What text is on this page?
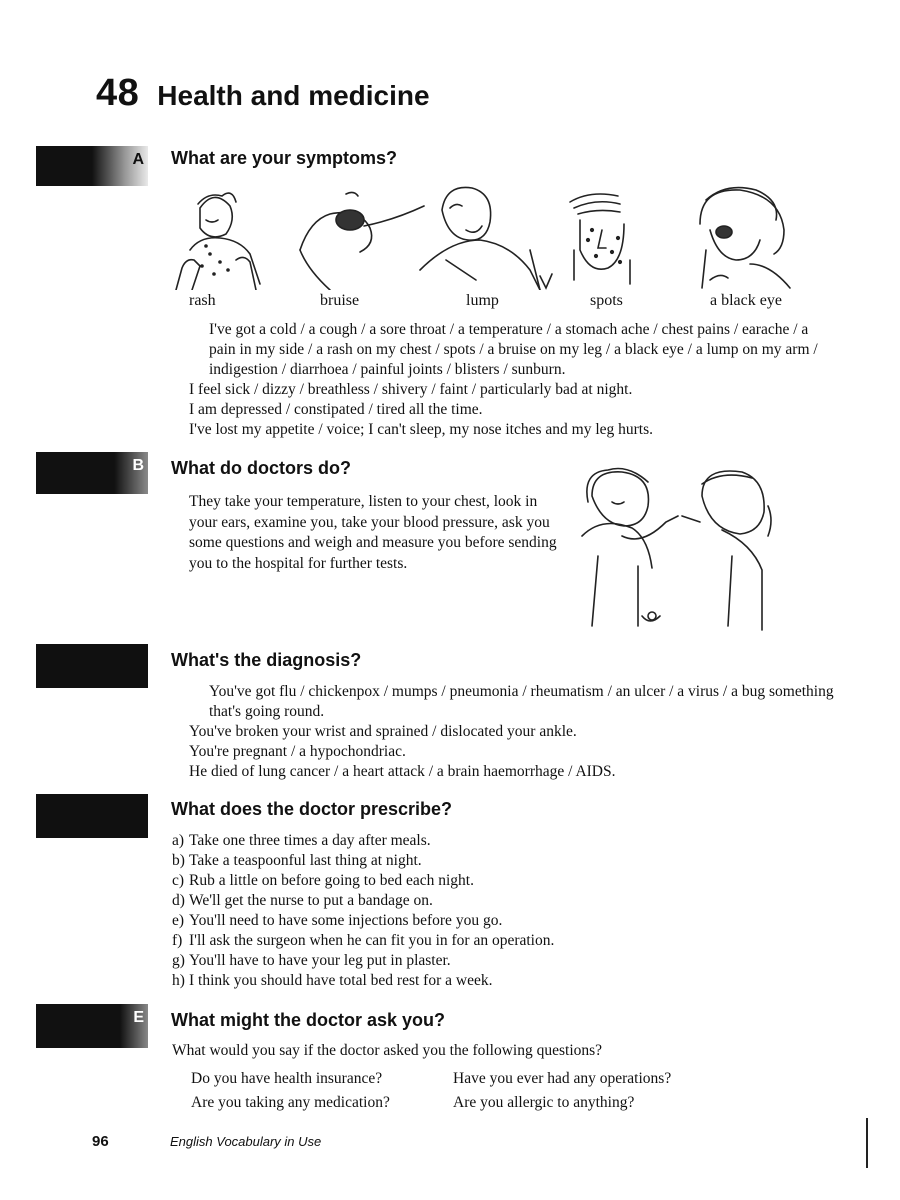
48 Health and medicine
A What are your symptoms?
rash	bruise	lump	spots	a black eye

I've got a cold / a cough / a sore throat / a temperature / a stomach ache / chest pains / earache / a pain in my side / a rash on my chest / spots / a bruise on my leg / a black eye / a lump on my arm / indigestion / diarrhoea / painful joints / blisters / sunburn.

I feel sick / dizzy / breathless / shivery / faint / particularly bad at night.

I am depressed / constipated / tired all the time.

I've lost my appetite / voice; I can't sleep, my nose itches and my leg hurts.

B What do doctors do?
They take your temperature, listen to your chest, look in your ears, examine you, take your blood pressure, ask you some questions and weigh and measure you before sending you to the hospital for further tests.
What's the diagnosis?

You've got flu / chickenpox / mumps / pneumonia / rheumatism / an ulcer / a virus / a bug something that's going round.

You've broken your wrist and sprained / dislocated your ankle.

You're pregnant / a hypochondriac.

He died of lung cancer / a heart attack / a brain haemorrhage / AIDS.

What does the doctor prescribe?
a) Take one three times a day after meals.
b) Take a teaspoonful last thing at night.
c) Rub a little on before going to bed each night.
d) We'll get the nurse to put a bandage on.
e) You'll need to have some injections before you go.
f) I'll ask the surgeon when he can fit you in for an operation.
g) You'll have to have your leg put in plaster.
h) I think you should have total bed rest for a week.
E What might the doctor ask you?
What would you say if the doctor asked you the following questions?
Do you have health insurance?	Have you ever had any operations?
Are you taking any medication?	Are you allergic to anything?
96	English Vocabulary in Use
